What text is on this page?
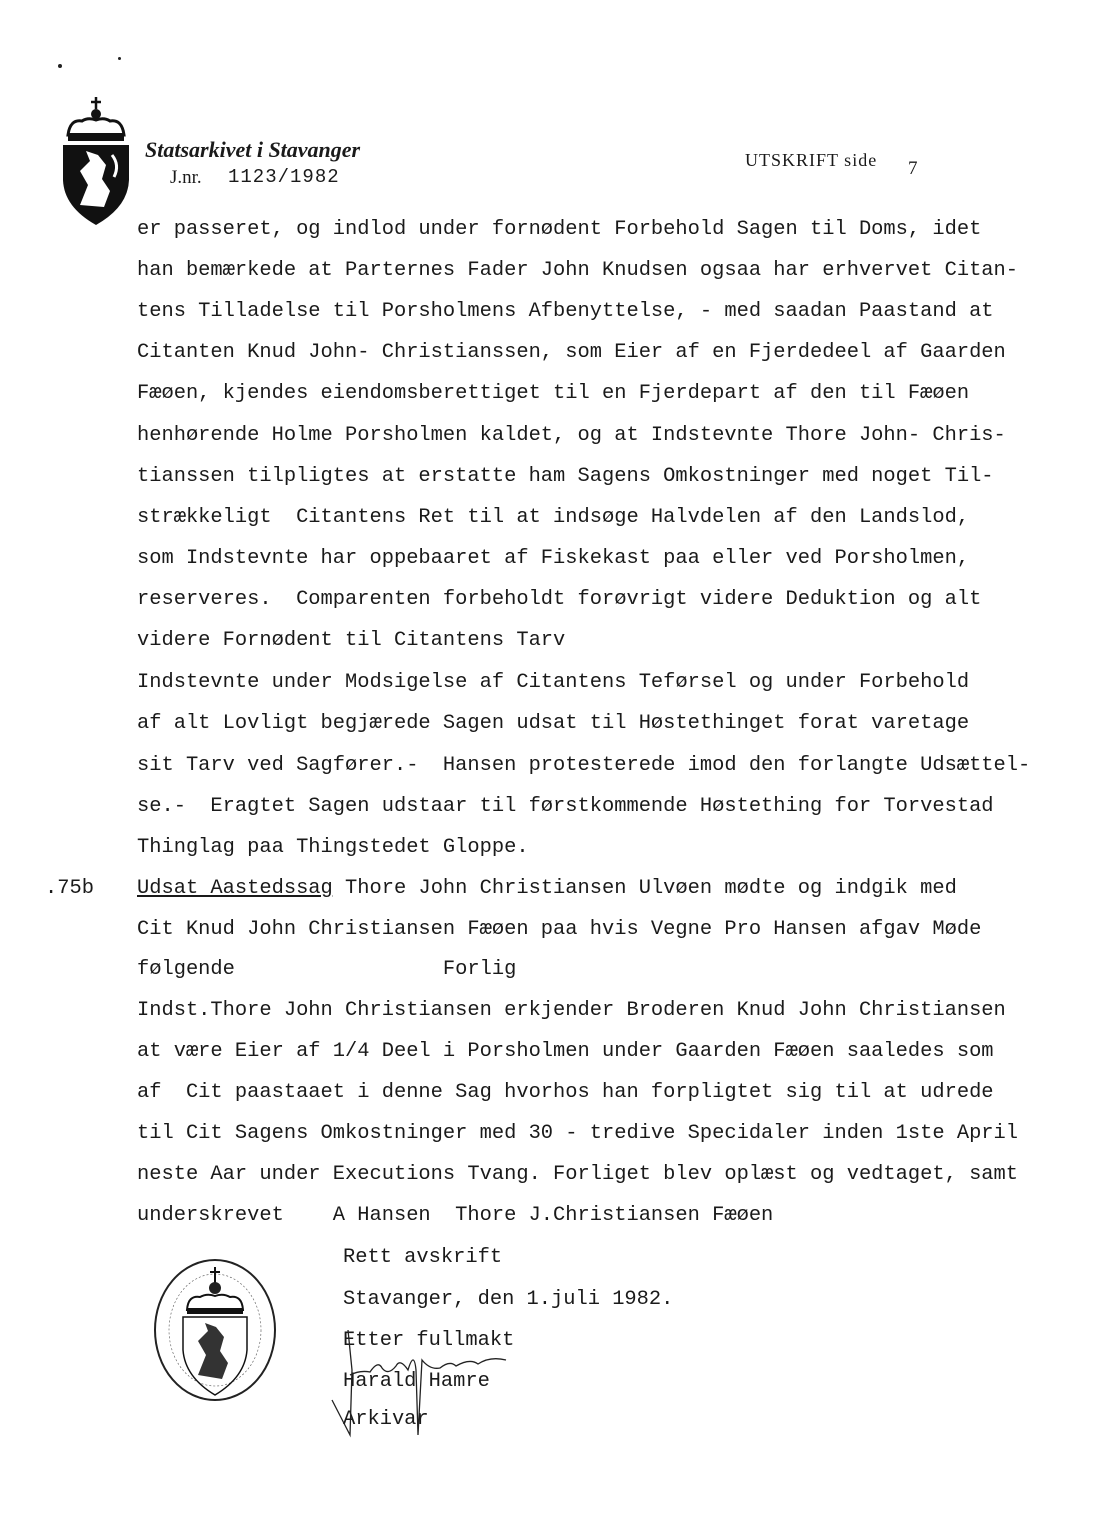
Statsarkivet i Stavanger
J.nr. 1123/1982
UTSKRIFT side 7
er passeret, og indlod under fornødent Forbehold Sagen til Doms, idet
han bemærkede at Parternes Fader John Knudsen ogsaa har erhvervet Citan-
tens Tilladelse til Porsholmens Afbenyttelse, - med saadan Paastand at
Citanten Knud John- Christianssen, som Eier af en Fjerdedeel af Gaarden
Fæøen, kjendes eiendomsberettiget til en Fjerdepart af den til Fæøen
henhørende Holme Porsholmen kaldet, og at Indstevnte Thore John- Chris-
tianssen tilpligtes at erstatte ham Sagens Omkostninger med noget Til-
strækkeligt  Citantens Ret til at indsøge Halvdelen af den Landslod,
som Indstevnte har oppebaaret af Fiskekast paa eller ved Porsholmen,
reserveres.  Comparenten forbeholdt forøvrigt videre Deduktion og alt
videre Fornødent til Citantens Tarv
Indstevnte under Modsigelse af Citantens Teførsel og under Forbehold
af alt Lovligt begjærede Sagen udsat til Høstethinget forat varetage
sit Tarv ved Sagfører.-  Hansen protesterede imod den forlangte Udsættel-
se.-  Eragtet Sagen udstaar til førstkommende Høstething for Torvestad
Thinglag paa Thingstedet Gloppe.
.75b Udsat Aastedssag Thore John Christiansen Ulvøen mødte og indgik med
Cit Knud John Christiansen Fæøen paa hvis Vegne Pro Hansen afgav Møde
følgende                 Forlig
Indst.Thore John Christiansen erkjender Broderen Knud John Christiansen
at være Eier af 1/4 Deel i Porsholmen under Gaarden Fæøen saaledes som
af  Cit paastaaet i denne Sag hvorhos han forpligtet sig til at udrede
til Cit Sagens Omkostninger med 30 - tredive Specidaler inden 1ste April
neste Aar under Executions Tvang. Forliget blev oplæst og vedtaget, samt
underskrevet    A Hansen  Thore J.Christiansen Fæøen
Rett avskrift
Stavanger, den 1.juli 1982.
Etter fullmakt
Harald Hamre
Arkivar
